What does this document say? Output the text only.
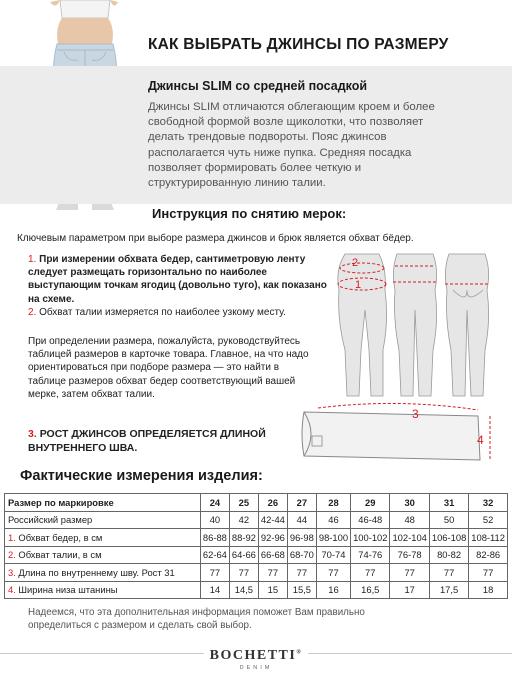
КАК ВЫБРАТЬ ДЖИНСЫ ПО РАЗМЕРУ
Джинсы SLIM со средней посадкой
Джинсы SLIM отличаются облегающим кроем и более свободной формой возле щиколотки, что позволяет делать трендовые подвороты. Пояс джинсов располагается чуть ниже пупка. Средняя посадка позволяет формировать более четкую и структурированную линию талии.
Инструкция по снятию мерок:
Ключевым параметром при выборе размера джинсов и брюк является обхват бёдер.
1. При измерении обхвата бедер, сантиметровую ленту следует размещать горизонтально по наиболее выступающим точкам ягодиц (довольно туго), как показано на схеме.
2. Обхват талии измеряется по наиболее узкому месту.
При определении размера, пожалуйста, руководствуйтесь таблицей размеров в карточке товара. Главное, на что надо ориентироваться при подборе размера — это найти в таблице размеров обхват бедер соответствующий вашей мерке, затем обхват талии.
3. РОСТ ДЖИНСОВ ОПРЕДЕЛЯЕТСЯ ДЛИНОЙ ВНУТРЕННЕГО ШВА.
2
1
3
4
Фактические измерения изделия:
Размер по маркировке	24	25	26	27	28	29	30	31	32
Российский размер	40	42	42-44	44	46	46-48	48	50	52
1. Обхват бедер, в см	86-88	88-92	92-96	96-98	98-100	100-102	102-104	106-108	108-112
2. Обхват талии, в см	62-64	64-66	66-68	68-70	70-74	74-76	76-78	80-82	82-86
3. Длина по внутреннему шву. Рост 31	77	77	77	77	77	77	77	77	77
4. Ширина низа штанины	14	14,5	15	15,5	16	16,5	17	17,5	18
Надеемся, что эта дополнительная информация поможет Вам правильно определиться с размером и сделать свой выбор.
BOCHETTI®
DENIM
